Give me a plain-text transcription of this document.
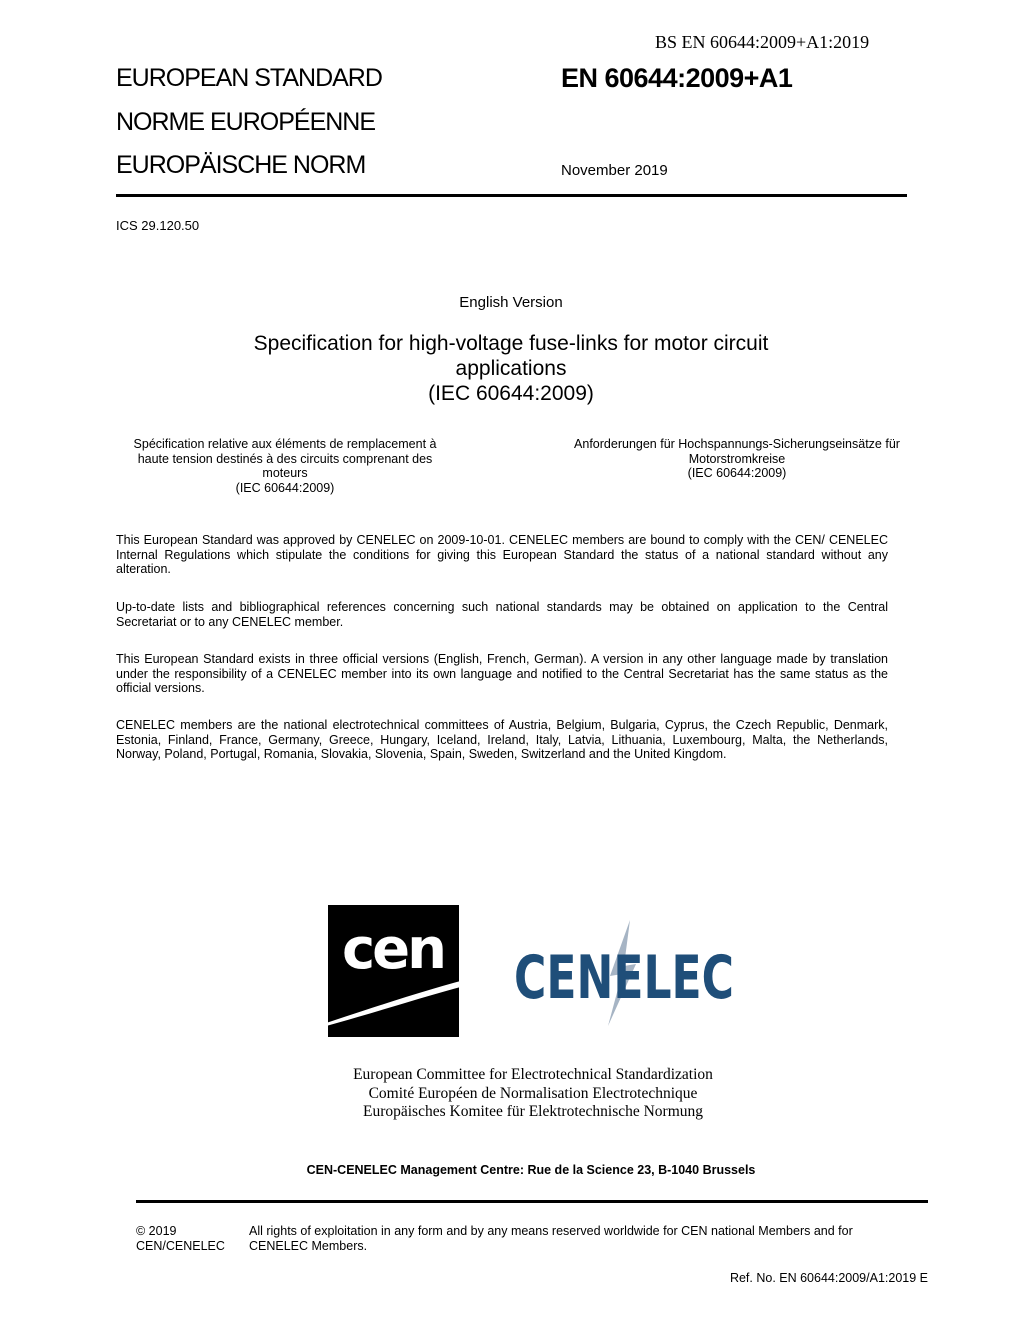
BS EN 60644:2009+A1:2019
EUROPEAN STANDARD
NORME EUROPÉENNE
EUROPÄISCHE NORM
EN 60644:2009+A1
November 2019
ICS 29.120.50
English Version
Specification for high-voltage fuse-links for motor circuit
applications
(IEC 60644:2009)
Spécification relative aux éléments de remplacement à
haute tension destinés à des circuits comprenant des
moteurs
(IEC 60644:2009)
Anforderungen für Hochspannungs-Sicherungseinsätze für
Motorstromkreise
(IEC 60644:2009)
This European Standard was approved by CENELEC on 2009-10-01. CENELEC members are bound to comply with the CEN/ CENELEC Internal Regulations which stipulate the conditions for giving this European Standard the status of a national standard without any alteration.
Up-to-date lists and bibliographical references concerning such national standards may be obtained on application to the Central Secretariat or to any CENELEC member.
This European Standard exists in three official versions (English, French, German). A version in any other language made by translation under the responsibility of a CENELEC member into its own language and notified to the Central Secretariat has the same status as the official versions.
CENELEC members are the national electrotechnical committees of Austria, Belgium, Bulgaria, Cyprus, the Czech Republic, Denmark, Estonia, Finland, France, Germany, Greece, Hungary, Iceland, Ireland, Italy, Latvia, Lithuania, Luxembourg, Malta, the Netherlands, Norway, Poland, Portugal, Romania, Slovakia, Slovenia, Spain, Sweden, Switzerland and the United Kingdom.
cen CENELEC
European Committee for Electrotechnical Standardization
Comité Européen de Normalisation Electrotechnique
Europäisches Komitee für Elektrotechnische Normung
CEN-CENELEC Management Centre: Rue de la Science 23, B-1040 Brussels
© 2019
CEN/CENELEC
All rights of exploitation in any form and by any means reserved worldwide for CEN national Members and for
CENELEC Members.
Ref. No. EN 60644:2009/A1:2019 E
